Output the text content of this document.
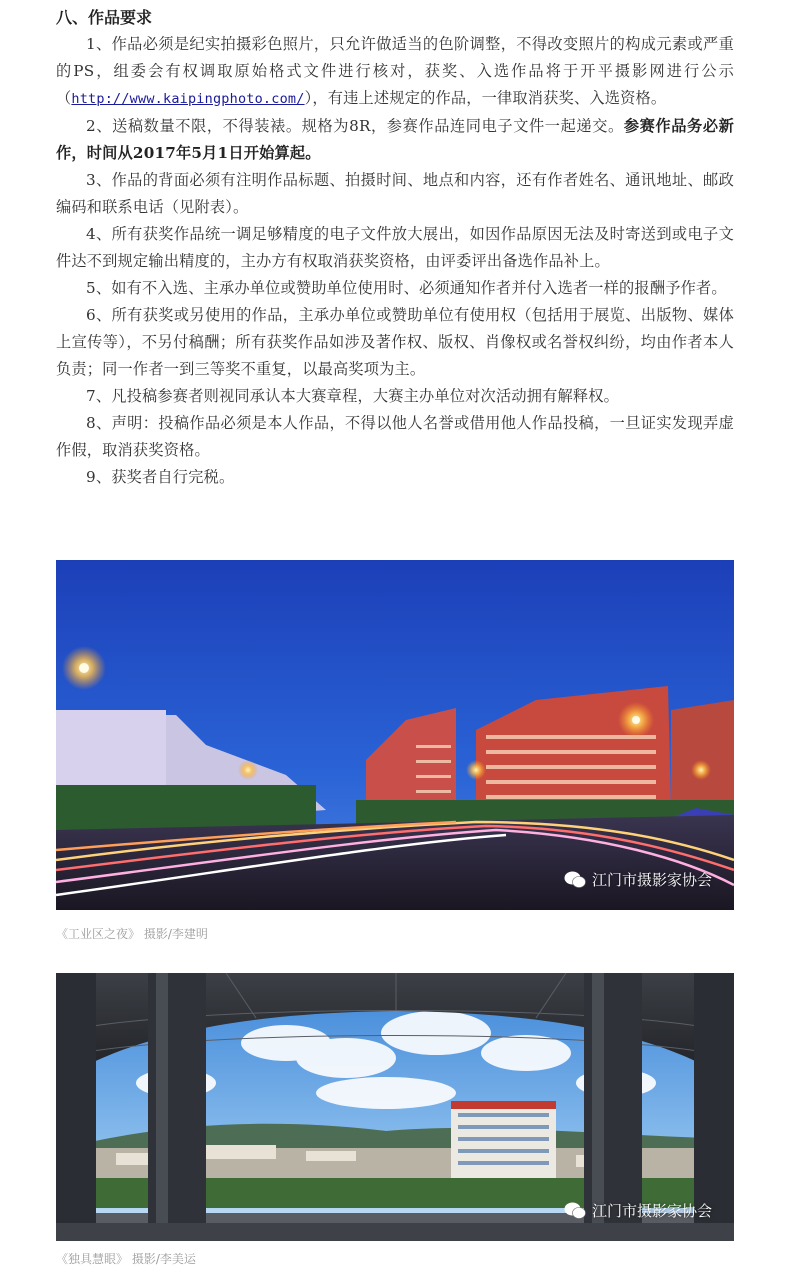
八、作品要求

1、作品必须是纪实拍摄彩色照片，只允许做适当的色阶调整，不得改变照片的构成元素或严重的PS，组委会有权调取原始格式文件进行核对，获奖、入选作品将于开平摄影网进行公示（http://www.kaipingphoto.com/），有违上述规定的作品，一律取消获奖、入选资格。

2、送稿数量不限，不得装裱。规格为8R，参赛作品连同电子文件一起递交。参赛作品务必新作，时间从2017年5月1日开始算起。

3、作品的背面必须有注明作品标题、拍摄时间、地点和内容，还有作者姓名、通讯地址、邮政编码和联系电话（见附表）。

4、所有获奖作品统一调足够精度的电子文件放大展出，如因作品原因无法及时寄送到或电子文件达不到规定输出精度的，主办方有权取消获奖资格，由评委评出备选作品补上。

5、如有不入选、主承办单位或赞助单位使用时、必须通知作者并付入选者一样的报酬予作者。

6、所有获奖或另使用的作品，主承办单位或赞助单位有使用权（包括用于展览、出版物、媒体上宣传等），不另付稿酬；所有获奖作品如涉及著作权、版权、肖像权或名誉权纠纷，均由作者本人负责；同一作者一到三等奖不重复，以最高奖项为主。

7、凡投稿参赛者则视同承认本大赛章程，大赛主办单位对次活动拥有解释权。

8、声明：投稿作品必须是本人作品，不得以他人名誉或借用他人作品投稿，一旦证实发现弄虚作假，取消获奖资格。

9、获奖者自行完税。

江门市摄影家协会
《工业区之夜》 摄影/李建明
江门市摄影家协会
《独具慧眼》 摄影/李美运
